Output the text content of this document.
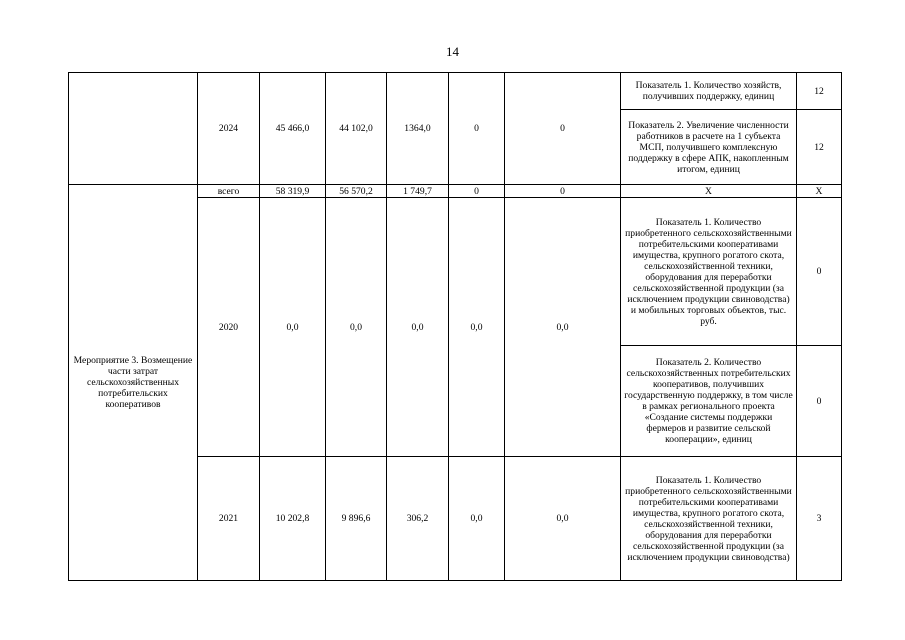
14
	2024	45 466,0	44 102,0	1364,0	0	0	Показатель 1. Количество хозяйств, получивших поддержку, единиц	12
							Показатель 2. Увеличение численности работников в расчете на 1 субъекта МСП, получившего комплексную поддержку в сфере АПК, накопленным итогом, единиц	12
Мероприятие 3. Возмещение части затрат сельскохозяйственных потребительских кооперативов	всего	58 319,9	56 570,2	1 749,7	0	0	X	X
	2020	0,0	0,0	0,0	0,0	0,0	Показатель 1. Количество приобретенного сельскохозяйственными потребительскими кооперативами имущества, крупного рогатого скота, сельскохозяйственной техники, оборудования для переработки сельскохозяйственной продукции (за исключением продукции свиноводства) и мобильных торговых объектов, тыс. руб.	0
							Показатель 2. Количество сельскохозяйственных потребительских кооперативов, получивших государственную поддержку, в том числе в рамках регионального проекта «Создание системы поддержки фермеров и развитие сельской кооперации», единиц	0
	2021	10 202,8	9 896,6	306,2	0,0	0,0	Показатель 1. Количество приобретенного сельскохозяйственными потребительскими кооперативами имущества, крупного рогатого скота, сельскохозяйственной техники, оборудования для переработки сельскохозяйственной продукции (за исключением продукции свиноводства)	3
